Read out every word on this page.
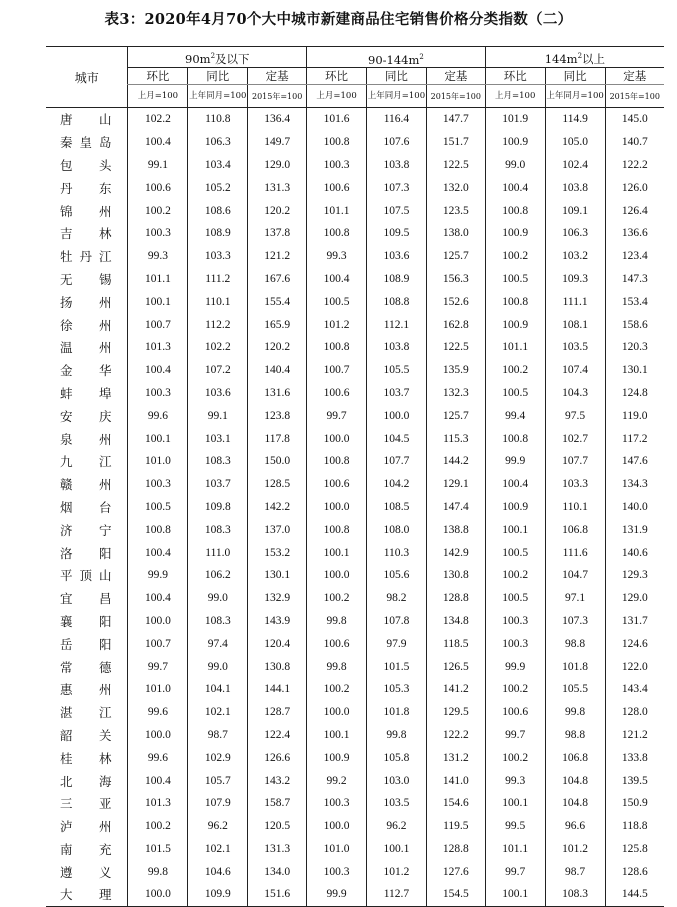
表3：2020年4月70个大中城市新建商品住宅销售价格分类指数（二）
城市	$90m^2$及以下			$90-144m^2$			$144m^2$以上		
	环比	同比	定基	环比	同比	定基	环比	同比	定基
	上月=100	上年同月=100	2015年=100	上月=100	上年同月=100	2015年=100	上月=100	上年同月=100	2015年=100
唐山	102.2	110.8	136.4	101.6	116.4	147.7	101.9	114.9	145.0
秦皇岛	100.4	106.3	149.7	100.8	107.6	151.7	100.9	105.0	140.7
包头	99.1	103.4	129.0	100.3	103.8	122.5	99.0	102.4	122.2
丹东	100.6	105.2	131.3	100.6	107.3	132.0	100.4	103.8	126.0
锦州	100.2	108.6	120.2	101.1	107.5	123.5	100.8	109.1	126.4
吉林	100.3	108.9	137.8	100.8	109.5	138.0	100.9	106.3	136.6
牡丹江	99.3	103.3	121.2	99.3	103.6	125.7	100.2	103.2	123.4
无锡	101.1	111.2	167.6	100.4	108.9	156.3	100.5	109.3	147.3
扬州	100.1	110.1	155.4	100.5	108.8	152.6	100.8	111.1	153.4
徐州	100.7	112.2	165.9	101.2	112.1	162.8	100.9	108.1	158.6
温州	101.3	102.2	120.2	100.8	103.8	122.5	101.1	103.5	120.3
金华	100.4	107.2	140.4	100.7	105.5	135.9	100.2	107.4	130.1
蚌埠	100.3	103.6	131.6	100.6	103.7	132.3	100.5	104.3	124.8
安庆	99.6	99.1	123.8	99.7	100.0	125.7	99.4	97.5	119.0
泉州	100.1	103.1	117.8	100.0	104.5	115.3	100.8	102.7	117.2
九江	101.0	108.3	150.0	100.8	107.7	144.2	99.9	107.7	147.6
赣州	100.3	103.7	128.5	100.6	104.2	129.1	100.4	103.3	134.3
烟台	100.5	109.8	142.2	100.0	108.5	147.4	100.9	110.1	140.0
济宁	100.8	108.3	137.0	100.8	108.0	138.8	100.1	106.8	131.9
洛阳	100.4	111.0	153.2	100.1	110.3	142.9	100.5	111.6	140.6
平顶山	99.9	106.2	130.1	100.0	105.6	130.8	100.2	104.7	129.3
宜昌	100.4	99.0	132.9	100.2	98.2	128.8	100.5	97.1	129.0
襄阳	100.0	108.3	143.9	99.8	107.8	134.8	100.3	107.3	131.7
岳阳	100.7	97.4	120.4	100.6	97.9	118.5	100.3	98.8	124.6
常德	99.7	99.0	130.8	99.8	101.5	126.5	99.9	101.8	122.0
惠州	101.0	104.1	144.1	100.2	105.3	141.2	100.2	105.5	143.4
湛江	99.6	102.1	128.7	100.0	101.8	129.5	100.6	99.8	128.0
韶关	100.0	98.7	122.4	100.1	99.8	122.2	99.7	98.8	121.2
桂林	99.6	102.9	126.6	100.9	105.8	131.2	100.2	106.8	133.8
北海	100.4	105.7	143.2	99.2	103.0	141.0	99.3	104.8	139.5
三亚	101.3	107.9	158.7	100.3	103.5	154.6	100.1	104.8	150.9
泸州	100.2	96.2	120.5	100.0	96.2	119.5	99.5	96.6	118.8
南充	101.5	102.1	131.3	101.0	100.1	128.8	101.1	101.2	125.8
遵义	99.8	104.6	134.0	100.3	101.2	127.6	99.7	98.7	128.6
大理	100.0	109.9	151.6	99.9	112.7	154.5	100.1	108.3	144.5
